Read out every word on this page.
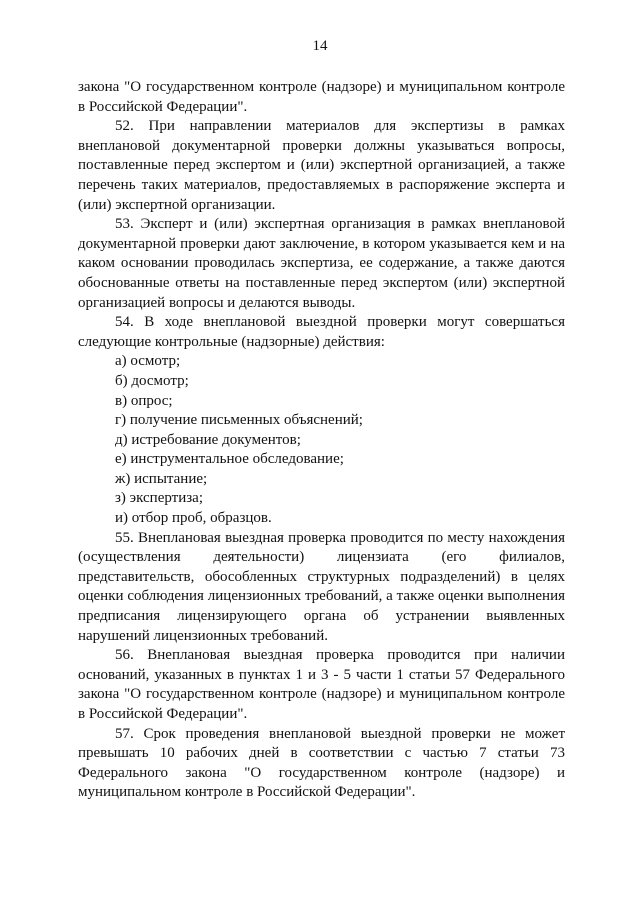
14

закона "О государственном контроле (надзоре) и муниципальном контроле в Российской Федерации".

52. При направлении материалов для экспертизы в рамках внеплановой документарной проверки должны указываться вопросы, поставленные перед экспертом и (или) экспертной организацией, а также перечень таких материалов, предоставляемых в распоряжение эксперта и (или) экспертной организации.

53. Эксперт и (или) экспертная организация в рамках внеплановой документарной проверки дают заключение, в котором указывается кем и на каком основании проводилась экспертиза, ее содержание, а также даются обоснованные ответы на поставленные перед экспертом (или) экспертной организацией вопросы и делаются выводы.

54. В ходе внеплановой выездной проверки могут совершаться следующие контрольные (надзорные) действия:

а) осмотр;

б) досмотр;

в) опрос;

г) получение письменных объяснений;

д) истребование документов;

е) инструментальное обследование;

ж) испытание;

з) экспертиза;

и) отбор проб, образцов.

55. Внеплановая выездная проверка проводится по месту нахождения (осуществления деятельности) лицензиата (его филиалов, представительств, обособленных структурных подразделений) в целях оценки соблюдения лицензионных требований, а также оценки выполнения предписания лицензирующего органа об устранении выявленных нарушений лицензионных требований.

56. Внеплановая выездная проверка проводится при наличии оснований, указанных в пунктах 1 и 3 - 5 части 1 статьи 57 Федерального закона "О государственном контроле (надзоре) и муниципальном контроле в Российской Федерации".

57. Срок проведения внеплановой выездной проверки не может превышать 10 рабочих дней в соответствии с частью 7 статьи 73 Федерального закона "О государственном контроле (надзоре) и муниципальном контроле в Российской Федерации".
